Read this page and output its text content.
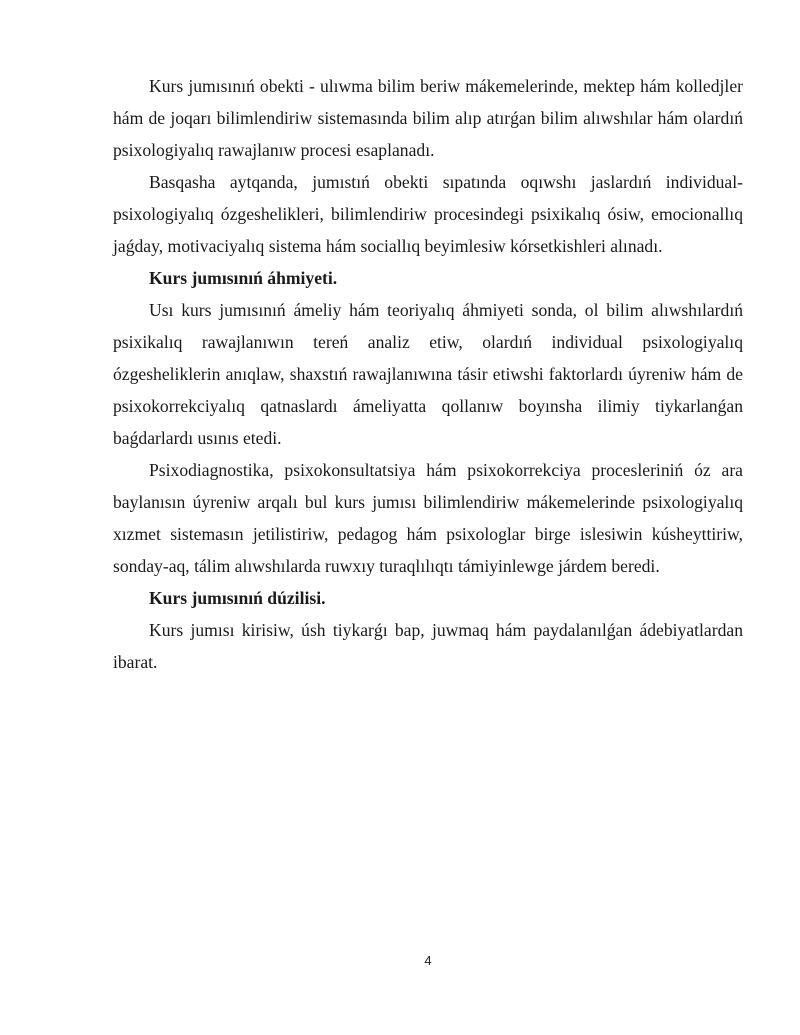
Kurs jumısınıń obekti - ulıwma bilim beriw mákemelerinde, mektep hám kolledjler hám de joqarı bilimlendiriw sistemasında bilim alıp atırǵan bilim alıwshılar hám olardıń psixologiyalıq rawajlanıw procesi esaplanadı.

Basqasha aytqanda, jumıstıń obekti sıpatında oqıwshı jaslardıń individual-psixologiyalıq ózgeshelikleri, bilimlendiriw procesindegi psixikalıq ósiw, emocionallıq jaǵday, motivaciyalıq sistema hám sociallıq beyimlesiw kórsetkishleri alınadı.

Kurs jumısınıń áhmiyeti.

Usı kurs jumısınıń ámeliy hám teoriyalıq áhmiyeti sonda, ol bilim alıwshılardıń psixikalıq rawajlanıwın tereń analiz etiw, olardıń individual psixologiyalıq ózgesheliklerin anıqlaw, shaxstıń rawajlanıwına tásir etiwshi faktorlardı úyreniw hám de psixokorrekciyalıq qatnaslardı ámeliyatta qollanıw boyınsha ilimiy tiykarlanǵan baǵdarlardı usınıs etedi.

Psixodiagnostika, psixokonsultatsiya hám psixokorrekciya procesleriniń óz ara baylanısın úyreniw arqalı bul kurs jumısı bilimlendiriw mákemelerinde psixologiyalıq xızmet sistemasın jetilistiriw, pedagog hám psixologlar birge islesiwin kúsheyttiriw, sonday-aq, tálim alıwshılarda ruwxıy turaqlılıqtı támiyinlewge járdem beredi.

Kurs jumısınıń dúzilisi.

Kurs jumısı kirisiw, úsh tiykarǵı bap, juwmaq hám paydalanılǵan ádebiyatlardan ibarat.

4
